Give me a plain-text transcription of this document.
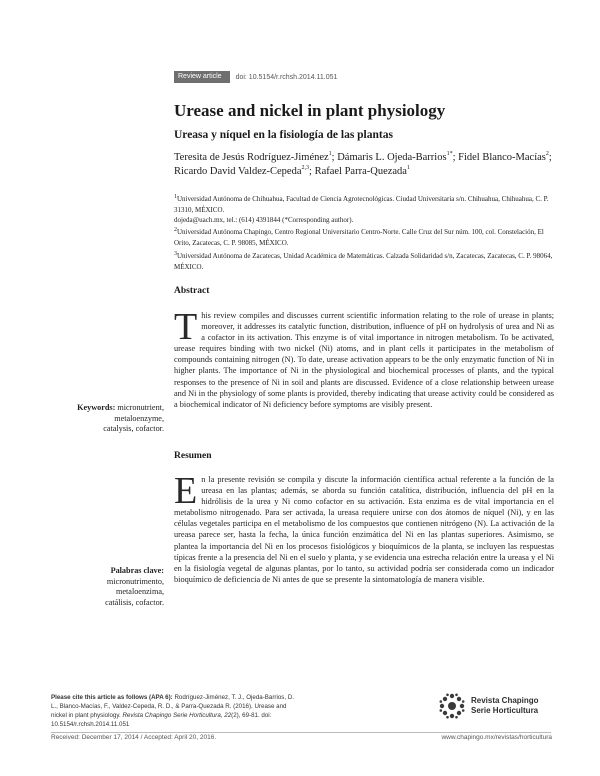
Review article	doi: 10.5154/r.rchsh.2014.11.051
Urease and nickel in plant physiology
Ureasa y níquel en la fisiología de las plantas

Teresita de Jesús Rodríguez-Jiménez$^1$; Dámaris L. Ojeda-Barrios$^{1*}$; Fidel Blanco-Macías$^2$; Ricardo David Valdez-Cepeda$^{2,3}$; Rafael Parra-Quezada$^1$

$^1$Universidad Autónoma de Chihuahua, Facultad de Ciencia Agrotecnológicas. Ciudad Universitaria s/n. Chihuahua, Chihuahua, C. P. 31310, MÉXICO.
dojeda@uach.mx, tel.: (614) 4391844 (*Corresponding author).
$^2$Universidad Autónoma Chapingo, Centro Regional Universitario Centro-Norte. Calle Cruz del Sur núm. 100, col. Constelación, El Orito, Zacatecas, C. P. 98085, MÉXICO.
$^3$Universidad Autónoma de Zacatecas, Unidad Académica de Matemáticas. Calzada Solidaridad s/n, Zacatecas, Zacatecas, C. P. 98064, MÉXICO.
Abstract

This review compiles and discusses current scientific information relating to the role of urease in plants; moreover, it addresses its catalytic function, distribution, influence of pH on hydrolysis of urea and Ni as a cofactor in its activation. This enzyme is of vital importance in nitrogen metabolism. To be activated, urease requires binding with two nickel (Ni) atoms, and in plant cells it participates in the metabolism of compounds containing nitrogen (N). To date, urease activation appears to be the only enzymatic function of Ni in higher plants. The importance of Ni in the physiological and biochemical processes of plants, and the typical responses to the presence of Ni in soil and plants are discussed. Evidence of a close relationship between urease and Ni in the physiology of some plants is provided, thereby indicating that urease activity could be considered as a biochemical indicator of Ni deficiency before symptoms are visibly present.

Keywords: micronutrient,
metaloenzyme,
catalysis, cofactor.
Resumen

En la presente revisión se compila y discute la información científica actual referente a la función de la ureasa en las plantas; además, se aborda su función catalítica, distribución, influencia del pH en la hidrólisis de la urea y Ni como cofactor en su activación. Esta enzima es de vital importancia en el metabolismo nitrogenado. Para ser activada, la ureasa requiere unirse con dos átomos de níquel (Ni), y en las células vegetales participa en el metabolismo de los compuestos que contienen nitrógeno (N). La activación de la ureasa parece ser, hasta la fecha, la única función enzimática del Ni en las plantas superiores. Asimismo, se plantea la importancia del Ni en los procesos fisiológicos y bioquímicos de la planta, se incluyen las respuestas típicas frente a la presencia del Ni en el suelo y planta, y se evidencia una estrecha relación entre la ureasa y el Ni en la fisiología vegetal de algunas plantas, por lo tanto, su actividad podría ser considerada como un indicador bioquímico de deficiencia de Ni antes de que se presente la sintomatología de manera visible.

Palabras clave:
micronutrimento,
metaloenzima,
catálisis, cofactor.
Please cite this article as follows (APA 6): Rodríguez-Jiménez, T. J., Ojeda-Barrios, D. L., Blanco-Macías, F., Valdez-Cepeda, R. D., & Parra-Quezada R. (2016). Urease and nickel in plant physiology. Revista Chapingo Serie Horticultura, 22(2), 69-81. doi: 10.5154/r.rchsh.2014.11.051
Revista Chapingo
Serie Horticultura
Received: December 17, 2014 / Accepted: April 20, 2016.	www.chapingo.mx/revistas/horticultura
